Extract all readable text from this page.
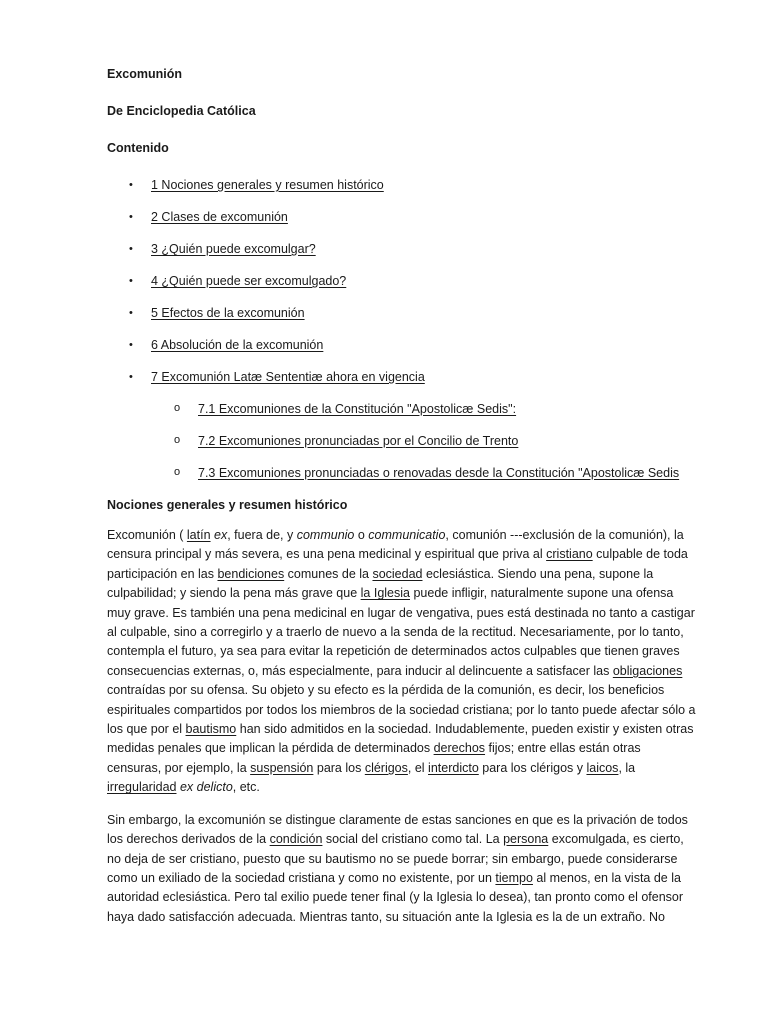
Excomunión
De Enciclopedia Católica
Contenido
• 1 Nociones generales y resumen histórico
• 2 Clases de excomunión
• 3 ¿Quién puede excomulgar?
• 4 ¿Quién puede ser excomulgado?
• 5 Efectos de la excomunión
• 6 Absolución de la excomunión
• 7 Excomunión Latæ Sententiæ ahora en vigencia
o 7.1 Excomuniones de la Constitución "Apostolicæ Sedis":
o 7.2 Excomuniones pronunciadas por el Concilio de Trento
o 7.3 Excomuniones pronunciadas o renovadas desde la Constitución "Apostolicæ Sedis
Nociones generales y resumen histórico

Excomunión ( latín ex, fuera de, y communio o communicatio, comunión ---exclusión de la comunión), la censura principal y más severa, es una pena medicinal y espiritual que priva al cristiano culpable de toda participación en las bendiciones comunes de la sociedad eclesiástica. Siendo una pena, supone la culpabilidad; y siendo la pena más grave que la Iglesia puede infligir, naturalmente supone una ofensa muy grave. Es también una pena medicinal en lugar de vengativa, pues está destinada no tanto a castigar al culpable, sino a corregirlo y a traerlo de nuevo a la senda de la rectitud. Necesariamente, por lo tanto, contempla el futuro, ya sea para evitar la repetición de determinados actos culpables que tienen graves consecuencias externas, o, más especialmente, para inducir al delincuente a satisfacer las obligaciones contraídas por su ofensa. Su objeto y su efecto es la pérdida de la comunión, es decir, los beneficios espirituales compartidos por todos los miembros de la sociedad cristiana; por lo tanto puede afectar sólo a los que por el bautismo han sido admitidos en la sociedad. Indudablemente, pueden existir y existen otras medidas penales que implican la pérdida de determinados derechos fijos; entre ellas están otras censuras, por ejemplo, la suspensión para los clérigos, el interdicto para los clérigos y laicos, la irregularidad ex delicto, etc.

Sin embargo, la excomunión se distingue claramente de estas sanciones en que es la privación de todos los derechos derivados de la condición social del cristiano como tal. La persona excomulgada, es cierto, no deja de ser cristiano, puesto que su bautismo no se puede borrar; sin embargo, puede considerarse como un exiliado de la sociedad cristiana y como no existente, por un tiempo al menos, en la vista de la autoridad eclesiástica. Pero tal exilio puede tener final (y la Iglesia lo desea), tan pronto como el ofensor haya dado satisfacción adecuada. Mientras tanto, su situación ante la Iglesia es la de un extraño. No
